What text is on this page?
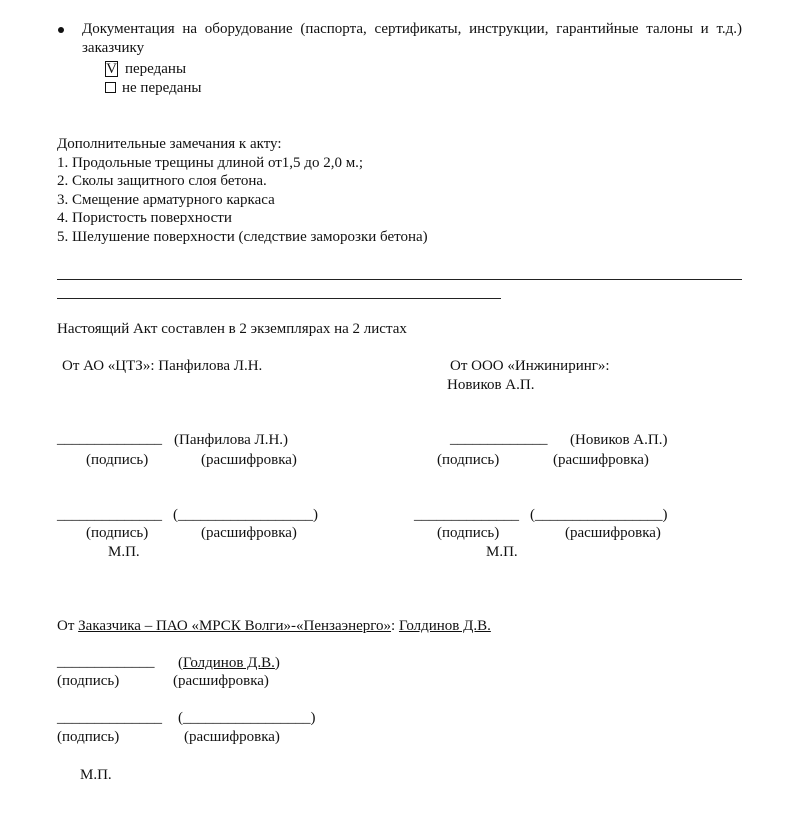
Документация на оборудование (паспорта, сертификаты, инструкции, гарантийные талоны и т.д.) заказчику
V переданы
не переданы
Дополнительные замечания к акту:
1. Продольные трещины длиной от1,5 до 2,0 м.;
2. Сколы защитного слоя бетона.
3. Смещение арматурного каркаса
4. Пористость поверхности
5. Шелушение поверхности (следствие заморозки бетона)
Настоящий Акт составлен в 2 экземплярах на 2 листах
От АО «ЦТЗ»: Панфилова Л.Н.
______________ (Панфилова Л.Н.)
(подпись)	(расшифровка)
______________ (__________________)
(подпись)	(расшифровка)
М.П.
От ООО «Инжиниринг»:
Новиков А.П.
_____________ (Новиков А.П.)
(подпись)	(расшифровка)
______________ (_________________)
(подпись)	(расшифровка)
М.П.
От Заказчика – ПАО «МРСК Волги»-«Пензаэнерго»: Голдинов Д.В.
_____________ (Голдинов Д.В.)
(подпись)	(расшифровка)
______________ (_________________)
(подпись)	(расшифровка)
М.П.
